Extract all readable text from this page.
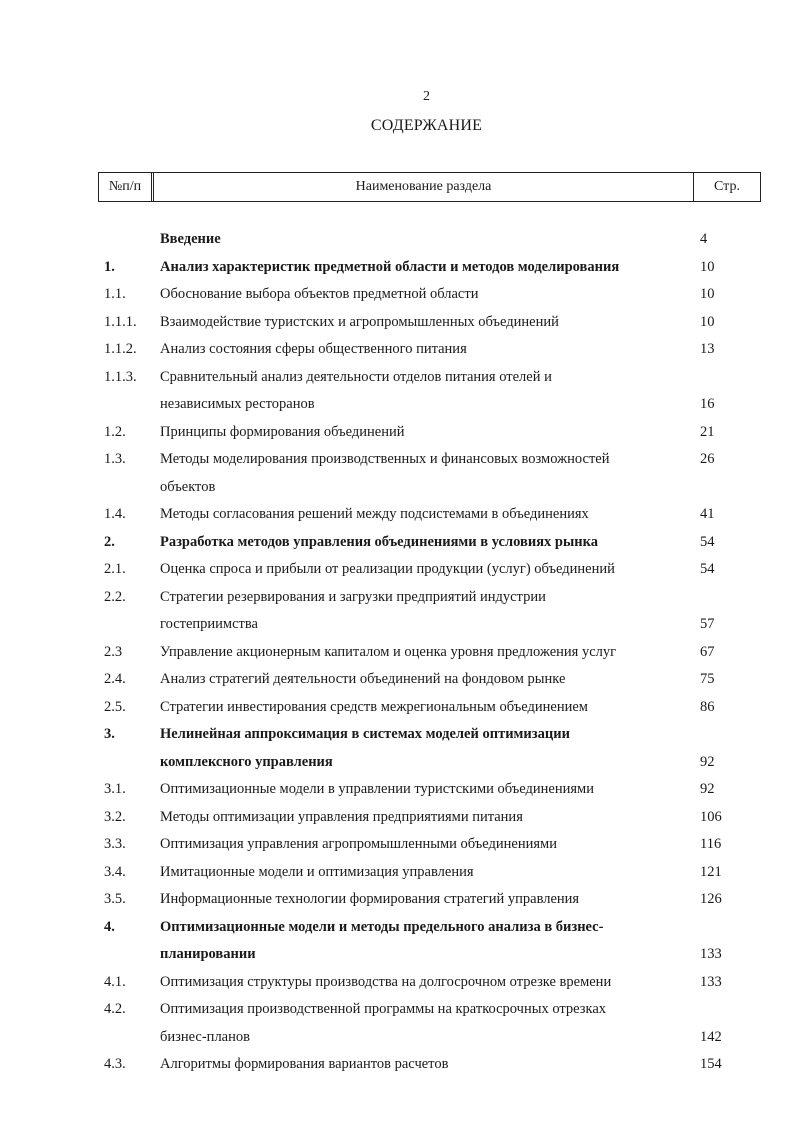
2
СОДЕРЖАНИЕ
№п/п	Наименование раздела	Стр.
Введение	4
1.	Анализ характеристик предметной области и методов моделирования	10
1.1. Обоснование выбора объектов предметной области	10
1.1.1. Взаимодействие туристских и агропромышленных объединений	10
1.1.2. Анализ состояния сферы общественного питания	13
1.1.3. Сравнительный анализ деятельности отделов питания отелей и
независимых ресторанов	16
1.2. Принципы формирования объединений	21
1.3. Методы моделирования производственных и финансовых возможностей	26
объектов
1.4. Методы согласования решений между подсистемами в объединениях	41
2.	Разработка методов управления объединениями в условиях рынка	54
2.1. Оценка спроса и прибыли от реализации продукции (услуг) объединений	54
2.2. Стратегии резервирования и загрузки предприятий индустрии
гостеприимства	57
2.3	Управление акционерным капиталом и оценка уровня предложения услуг	67
2.4. Анализ стратегий деятельности объединений на фондовом рынке	75
2.5. Стратегии инвестирования средств межрегиональным объединением	86
3.	Нелинейная аппроксимация в системах моделей оптимизации
комплексного управления	92
3.1. Оптимизационные модели в управлении туристскими объединениями	92
3.2. Методы оптимизации управления предприятиями питания	106
3.3. Оптимизация управления агропромышленными объединениями	116
3.4. Имитационные модели и оптимизация управления	121
3.5. Информационные технологии формирования стратегий управления	126
4.	Оптимизационные модели и методы предельного анализа в бизнес-
планировании	133
4.1. Оптимизация структуры производства на долгосрочном отрезке времени	133
4.2. Оптимизация производственной программы на краткосрочных отрезках
бизнес-планов	142
4.3. Алгоритмы формирования вариантов расчетов	154
